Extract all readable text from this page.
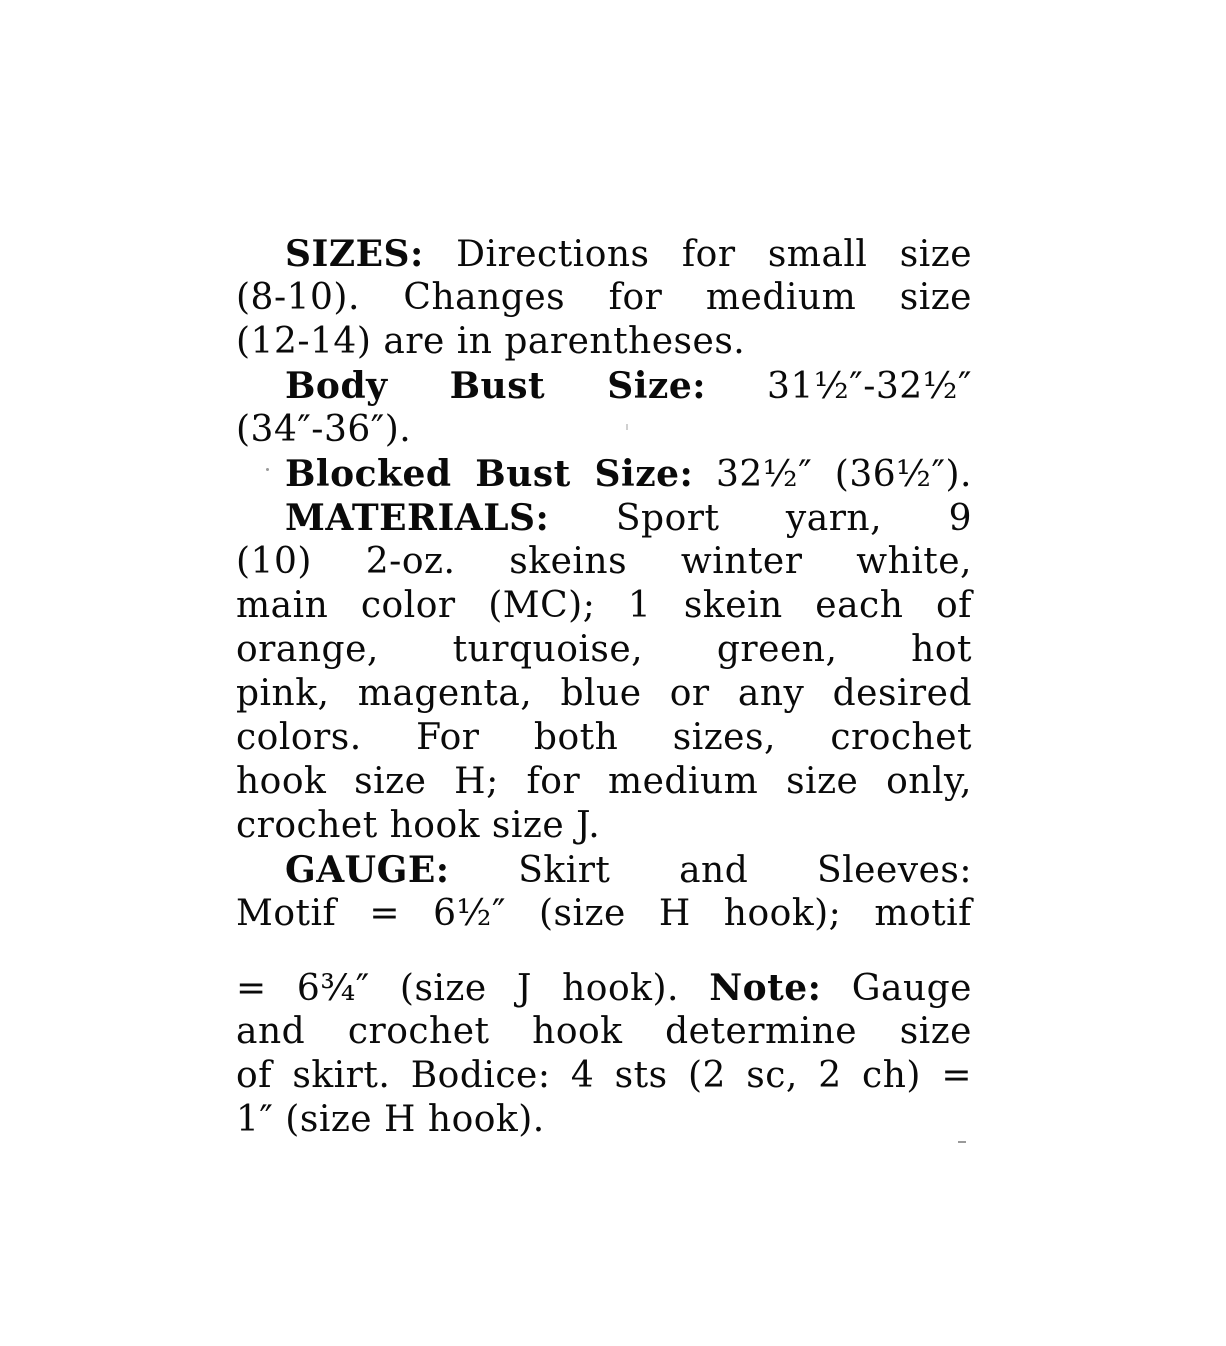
SIZES: Directions for small size
(8-10). Changes for medium size
(12-14) are in parentheses.
Body Bust Size: 31½″-32½″
(34″-36″).
Blocked Bust Size: 32½″ (36½″).
MATERIALS: Sport yarn, 9
(10) 2-oz. skeins winter white,
main color (MC); 1 skein each of
orange, turquoise, green, hot
pink, magenta, blue or any desired
colors. For both sizes, crochet
hook size H; for medium size only,
crochet hook size J.
GAUGE: Skirt and Sleeves:
Motif = 6½″ (size H hook); motif
= 6¾″ (size J hook). Note: Gauge
and crochet hook determine size
of skirt. Bodice: 4 sts (2 sc, 2 ch) =
1″ (size H hook).
